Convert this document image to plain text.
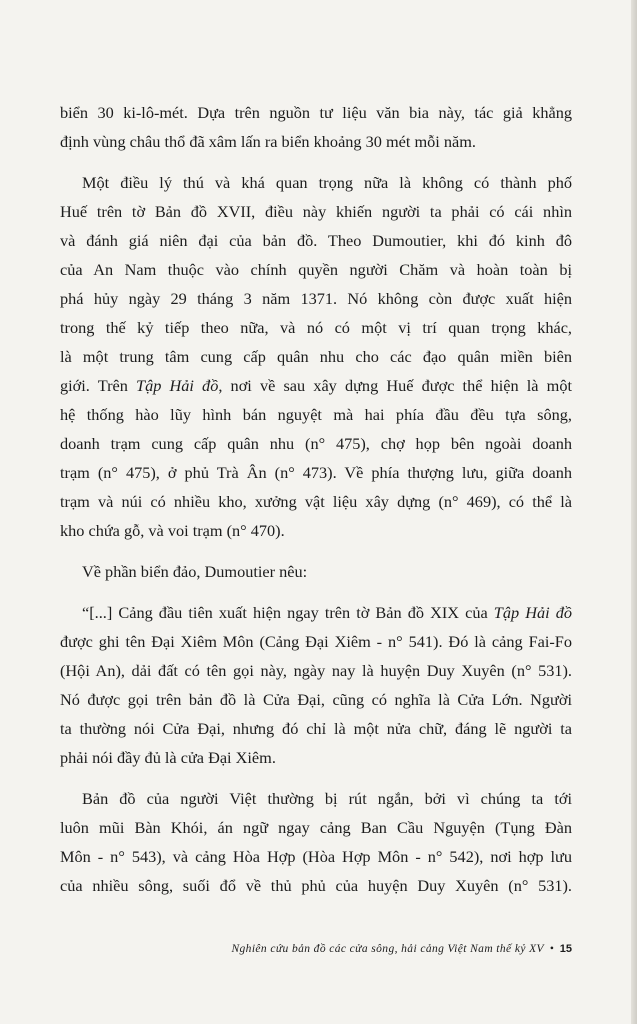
biển 30 ki-lô-mét. Dựa trên nguồn tư liệu văn bia này, tác giả khẳng
định vùng châu thổ đã xâm lấn ra biển khoảng 30 mét mỗi năm.

Một điều lý thú và khá quan trọng nữa là không có thành phố
Huế trên tờ Bản đồ XVII, điều này khiến người ta phải có cái nhìn
và đánh giá niên đại của bản đồ. Theo Dumoutier, khi đó kinh đô
của An Nam thuộc vào chính quyền người Chăm và hoàn toàn bị
phá hủy ngày 29 tháng 3 năm 1371. Nó không còn được xuất hiện
trong thế kỷ tiếp theo nữa, và nó có một vị trí quan trọng khác,
là một trung tâm cung cấp quân nhu cho các đạo quân miền biên
giới. Trên Tập Hải đồ, nơi về sau xây dựng Huế được thể hiện là một
hệ thống hào lũy hình bán nguyệt mà hai phía đầu đều tựa sông,
doanh trạm cung cấp quân nhu (n° 475), chợ họp bên ngoài doanh
trạm (n° 475), ở phủ Trà Ân (n° 473). Về phía thượng lưu, giữa doanh
trạm và núi có nhiều kho, xưởng vật liệu xây dựng (n° 469), có thể là
kho chứa gỗ, và voi trạm (n° 470).

Về phần biển đảo, Dumoutier nêu:

“[...] Cảng đầu tiên xuất hiện ngay trên tờ Bản đồ XIX của Tập Hải đồ
được ghi tên Đại Xiêm Môn (Cảng Đại Xiêm - n° 541). Đó là cảng Fai-Fo
(Hội An), dải đất có tên gọi này, ngày nay là huyện Duy Xuyên (n° 531).
Nó được gọi trên bản đồ là Cửa Đại, cũng có nghĩa là Cửa Lớn. Người
ta thường nói Cửa Đại, nhưng đó chỉ là một nửa chữ, đáng lẽ người ta
phải nói đầy đủ là cửa Đại Xiêm.

Bản đồ của người Việt thường bị rút ngắn, bởi vì chúng ta tới
luôn mũi Bàn Khói, án ngữ ngay cảng Ban Cầu Nguyện (Tụng Đàn
Môn - n° 543), và cảng Hòa Hợp (Hòa Hợp Môn - n° 542), nơi hợp lưu
của nhiều sông, suối đổ về thủ phủ của huyện Duy Xuyên (n° 531).

Nghiên cứu bản đồ các cửa sông, hải cảng Việt Nam thế kỷ XV • 15
